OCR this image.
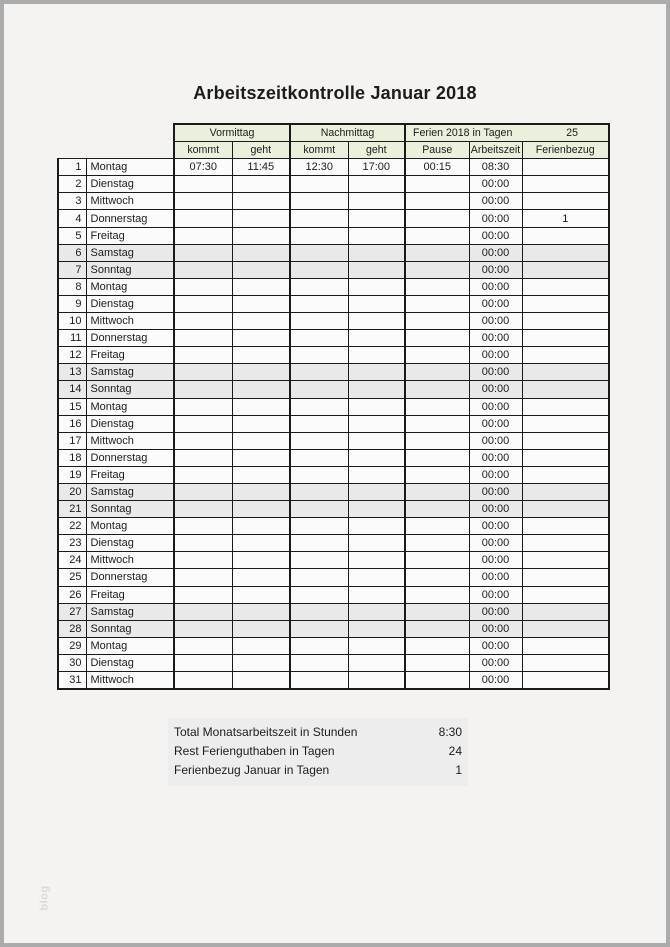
Arbeitszeitkontrolle Januar 2018
		Vormittag		Nachmittag		Ferien 2018 in Tagen 25		

		kommt	geht	kommt	geht	Pause	Arbeitszeit	Ferienbezug
1	Montag	07:30	11:45	12:30	17:00	00:15	08:30	
2	Dienstag						00:00	
3	Mittwoch						00:00	
4	Donnerstag						00:00	1
5	Freitag						00:00	
6	Samstag						00:00	
7	Sonntag						00:00	
8	Montag						00:00	
9	Dienstag						00:00	
10	Mittwoch						00:00	
11	Donnerstag						00:00	
12	Freitag						00:00	
13	Samstag						00:00	
14	Sonntag						00:00	
15	Montag						00:00	
16	Dienstag						00:00	
17	Mittwoch						00:00	
18	Donnerstag						00:00	
19	Freitag						00:00	
20	Samstag						00:00	
21	Sonntag						00:00	
22	Montag						00:00	
23	Dienstag						00:00	
24	Mittwoch						00:00	
25	Donnerstag						00:00	
26	Freitag						00:00	
27	Samstag						00:00	
28	Sonntag						00:00	
29	Montag						00:00	
30	Dienstag						00:00	
31	Mittwoch						00:00	
Total Monatsarbeitszeit in Stunden	8:30
Rest Ferienguthaben in Tagen	24
Ferienbezug Januar in Tagen	1
blog
